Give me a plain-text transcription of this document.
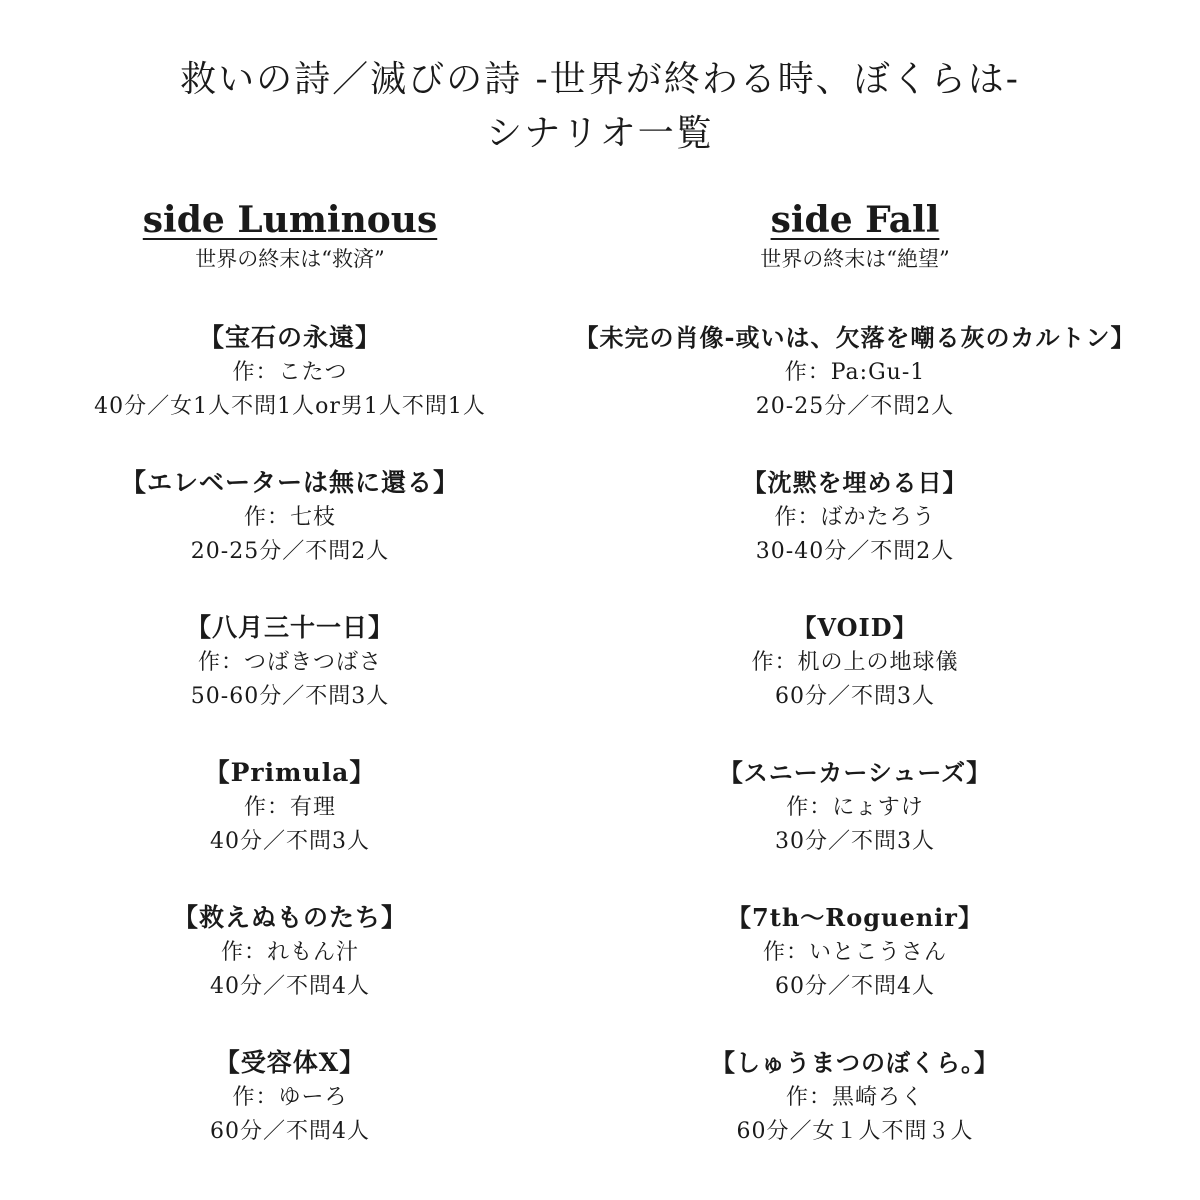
救いの詩／滅びの詩 -世界が終わる時、ぼくらは-
シナリオ一覧
side Luminous
世界の終末は“救済”
【宝石の永遠】
作：こたつ
40分／女1人不問1人or男1人不問1人
【エレベーターは無に還る】
作：七枝
20-25分／不問2人
【八月三十一日】
作：つばきつばさ
50-60分／不問3人
【Primula】
作：有理
40分／不問3人
【救えぬものたち】
作：れもん汁
40分／不問4人
【受容体X】
作：ゆーろ
60分／不問4人
side Fall
世界の終末は“絶望”
【未完の肖像-或いは、欠落を嘲る灰のカルトン】
作：Pa:Gu-1
20-25分／不問2人
【沈黙を埋める日】
作：ばかたろう
30-40分／不問2人
【VOID】
作：机の上の地球儀
60分／不問3人
【スニーカーシューズ】
作：にょすけ
30分／不問3人
【7th～Roguenir】
作：いとこうさん
60分／不問4人
【しゅうまつのぼくら。】
作：黒崎ろく
60分／女１人不問３人
